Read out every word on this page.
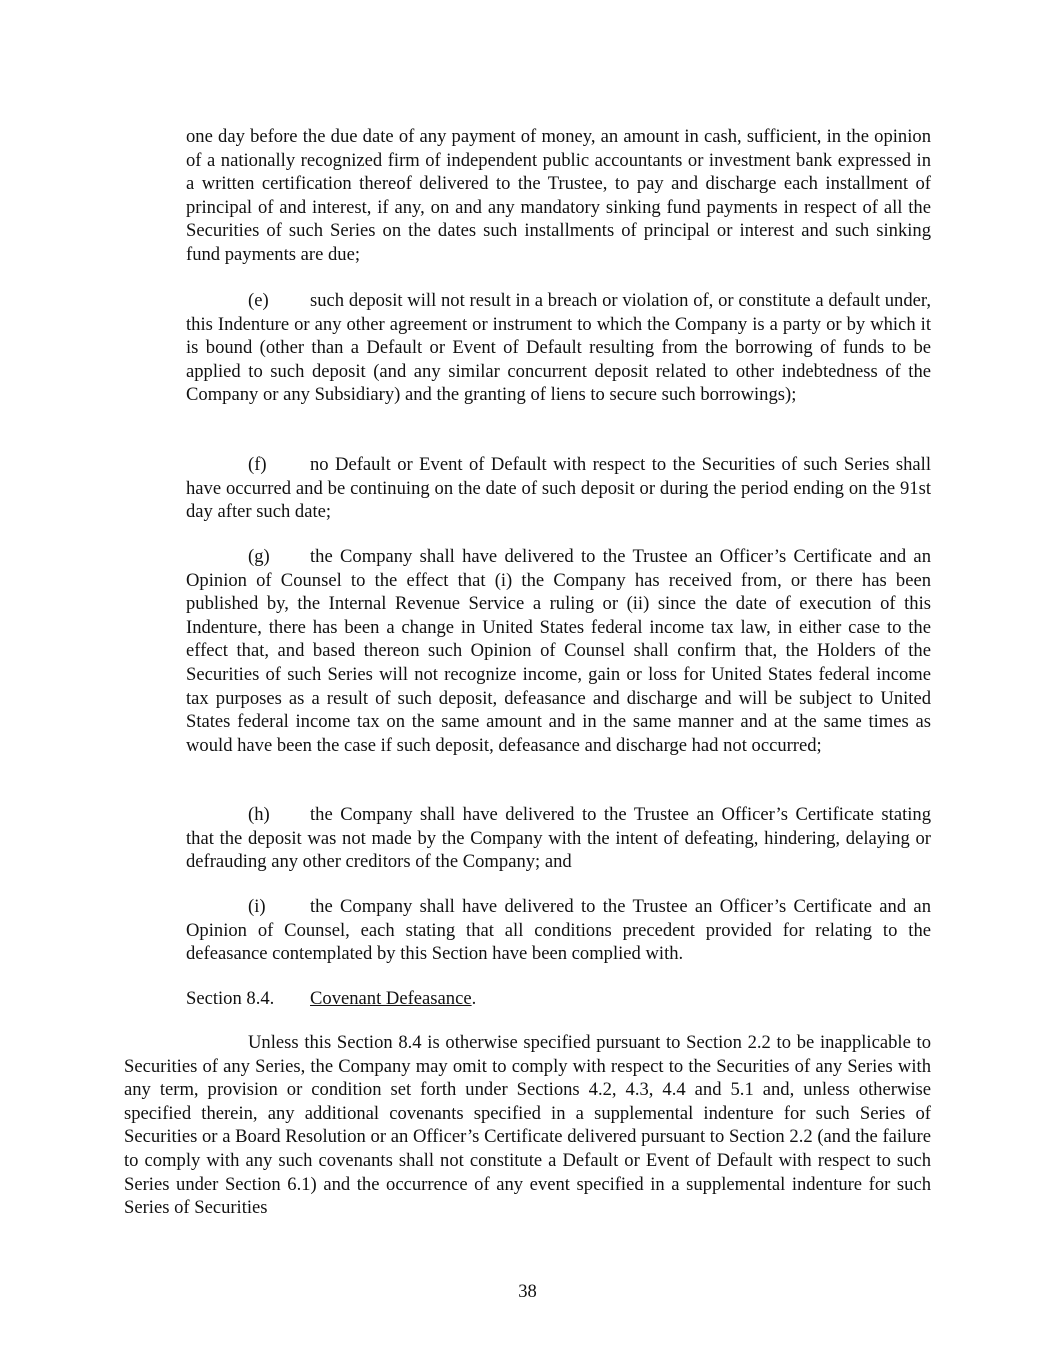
one day before the due date of any payment of money, an amount in cash, sufficient, in the opinion of a nationally recognized firm of independent public accountants or investment bank expressed in a written certification thereof delivered to the Trustee, to pay and discharge each installment of principal of and interest, if any, on and any mandatory sinking fund payments in respect of all the Securities of such Series on the dates such installments of principal or interest and such sinking fund payments are due;

(e) such deposit will not result in a breach or violation of, or constitute a default under, this Indenture or any other agreement or instrument to which the Company is a party or by which it is bound (other than a Default or Event of Default resulting from the borrowing of funds to be applied to such deposit (and any similar concurrent deposit related to other indebtedness of the Company or any Subsidiary) and the granting of liens to secure such borrowings);

(f) no Default or Event of Default with respect to the Securities of such Series shall have occurred and be continuing on the date of such deposit or during the period ending on the 91st day after such date;

(g) the Company shall have delivered to the Trustee an Officer’s Certificate and an Opinion of Counsel to the effect that (i) the Company has received from, or there has been published by, the Internal Revenue Service a ruling or (ii) since the date of execution of this Indenture, there has been a change in United States federal income tax law, in either case to the effect that, and based thereon such Opinion of Counsel shall confirm that, the Holders of the Securities of such Series will not recognize income, gain or loss for United States federal income tax purposes as a result of such deposit, defeasance and discharge and will be subject to United States federal income tax on the same amount and in the same manner and at the same times as would have been the case if such deposit, defeasance and discharge had not occurred;

(h) the Company shall have delivered to the Trustee an Officer’s Certificate stating that the deposit was not made by the Company with the intent of defeating, hindering, delaying or defrauding any other creditors of the Company; and

(i) the Company shall have delivered to the Trustee an Officer’s Certificate and an Opinion of Counsel, each stating that all conditions precedent provided for relating to the defeasance contemplated by this Section have been complied with.

Section 8.4. Covenant Defeasance.

Unless this Section 8.4 is otherwise specified pursuant to Section 2.2 to be inapplicable to Securities of any Series, the Company may omit to comply with respect to the Securities of any Series with any term, provision or condition set forth under Sections 4.2, 4.3, 4.4 and 5.1 and, unless otherwise specified therein, any additional covenants specified in a supplemental indenture for such Series of Securities or a Board Resolution or an Officer’s Certificate delivered pursuant to Section 2.2 (and the failure to comply with any such covenants shall not constitute a Default or Event of Default with respect to such Series under Section 6.1) and the occurrence of any event specified in a supplemental indenture for such Series of Securities

38
